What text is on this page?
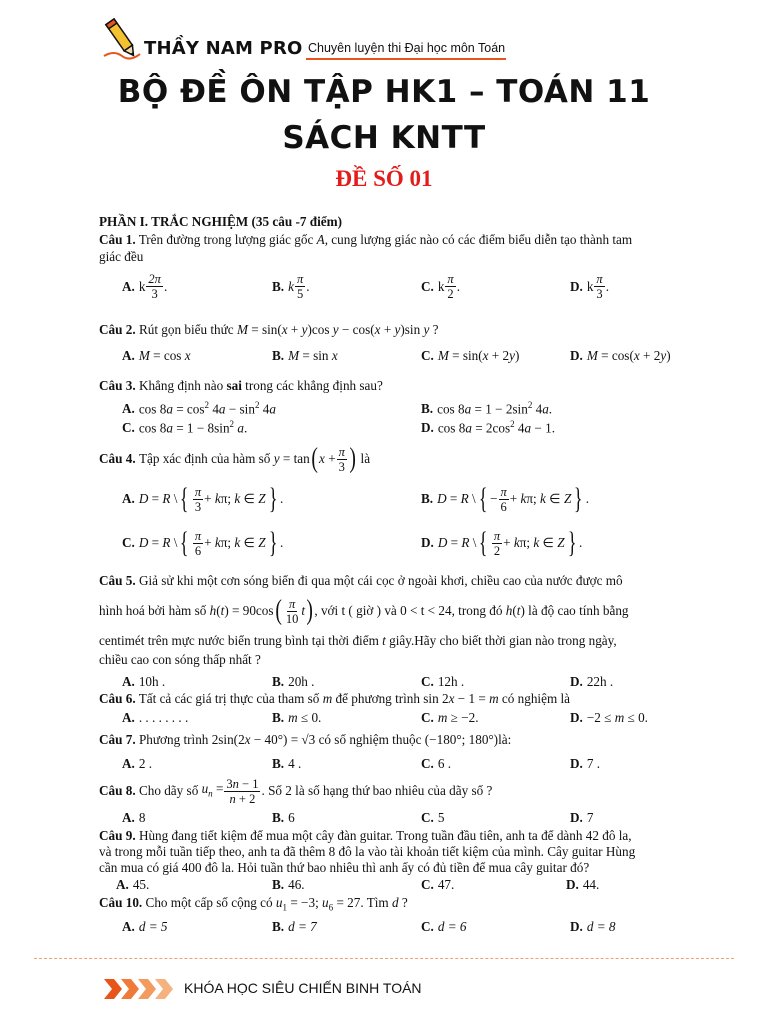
THẦY NAM PRO Chuyên luyện thi Đại học môn Toán
BỘ ĐỀ ÔN TẬP HK1 – TOÁN 11
SÁCH KNTT
ĐỀ SỐ 01
PHẦN I. TRẮC NGHIỆM (35 câu -7 điểm)
Câu 1. Trên đường trong lượng giác gốc A, cung lượng giác nào có các điểm biểu diễn tạo thành tam
giác đều
A. k $\frac{2\pi}{3}$ .	B. k $\frac{\pi}{5}$ .	C. k $\frac{\pi}{2}$ .	D. k $\frac{\pi}{3}$ .
Câu 2. Rút gọn biểu thức M = sin(x + y)cos y − cos(x + y)sin y ?
A. M = cos x	B. M = sin x	C. M = sin(x + 2y)	D. M = cos(x + 2y)
Câu 3. Khẳng định nào sai trong các khẳng định sau?
A. $\cos 8a = \cos^2 4a - \sin^2 4a$	B. $\cos 8a = 1 - 2\sin^2$ 4a.
C. $\cos 8a = 1 - 8\sin^2$ a.	D. $\cos 8a = 2\cos^2$ 4a − 1.
Câu 4.
Tập xác định của hàm số
y = tan ( $x + \frac{\pi}{3}$ )
là
A. D = R \ { $\frac{\pi}{3} + k\pi$; k ∈ Z } .	B. D = R \ { − $\frac{\pi}{6} + k\pi$; k ∈ Z } .
C. D = R \ { $\frac{\pi}{6} + k\pi$; k ∈ Z } .	D. D = R \ { $\frac{\pi}{2} + k\pi$; k ∈ Z } .
Câu 5. Giả sử khi một cơn sóng biển đi qua một cái cọc ở ngoài khơi, chiều cao của nước được mô
hình hoá bởi hàm số
h(t) = 90cos ( $\frac{\pi}{10}$ t ) , với t ( giờ ) và 0 < t < 24, trong đó
h(t)
là độ cao tính bằng
centimét trên mực nước biển trung bình tại thời điểm t giây.Hãy cho biết thời gian nào trong ngày,
chiều cao con sóng thấp nhất ?
A. 10h .	B. 20h .	C. 12h .	D. 22h .
Câu 6. Tất cả các giá trị thực của tham số m để phương trình sin 2x − 1 = m có nghiệm là
A. . . . . . . . .	B. m ≤ 0.	C. m ≥ −2.	D. −2 ≤ m ≤ 0.
Câu 7. Phương trình 2sin(2x − 40°) = √3 có số nghiệm thuộc (−180°; 180°)là:
A. 2 .	B. 4 .	C. 6 .	D. 7 .
Câu 8.
Cho dãy số
$u_n = \frac{3n - 1}{n + 2}$ . Số 2 là số hạng thứ bao nhiêu của dãy số ?
A. 8	B. 6	C. 5	D. 7
Câu 9. Hùng đang tiết kiệm để mua một cây đàn guitar. Trong tuần đầu tiên, anh ta để dành 42 đô la,
và trong mỗi tuần tiếp theo, anh ta đã thêm 8 đô la vào tài khoản tiết kiệm của mình. Cây guitar Hùng
cần mua có giá 400 đô la. Hỏi tuần thứ bao nhiêu thì anh ấy có đủ tiền để mua cây guitar đó?
A. 45.	B. 46.	C. 47.	D. 44.
Câu 10. Cho một cấp số cộng có $u_1 = -3$; $u_6 = 27$. Tìm d ?
A. d = 5	B. d = 7	C. d = 6	D. d = 8
KHÓA HỌC SIÊU CHIẾN BINH TOÁN
